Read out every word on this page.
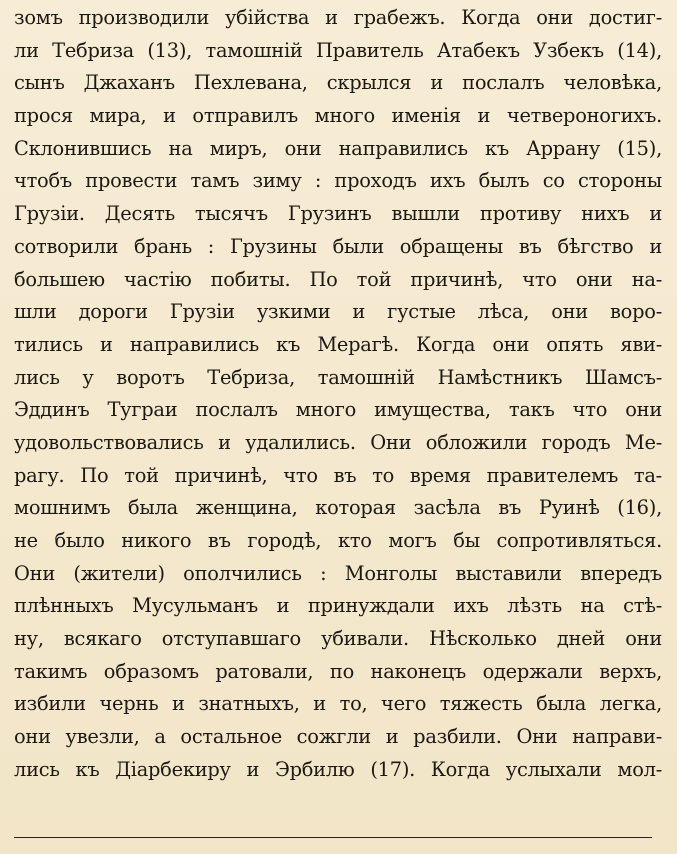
зомъ производили убiйства и грабежъ. Когда они достиг-
ли Тебриза (13), тамошнiй Правитель Атабекъ Узбекъ (14),
сынъ Джаханъ Пехлевана, скрылся и послалъ человѣка,
прося мира, и отправилъ много именiя и четвероногихъ.
Склонившись на миръ, они направились къ Аррану (15),
чтобъ провести тамъ зиму : проходъ ихъ былъ со стороны
Грузiи. Десять тысячъ Грузинъ вышли противу нихъ и
сотворили брань : Грузины были обращены въ бѣгство и
большею частiю побиты. По той причинѣ, что они на-
шли дороги Грузiи узкими и густые лѣса, они воро-
тились и направились къ Мерагѣ. Когда они опять яви-
лись у воротъ Тебриза, тамошнiй Намѣстникъ Шамсъ-
Эддинъ Туграи послалъ много имущества, такъ что они
удовольствовались и удалились. Они обложили городъ Ме-
рагу. По той причинѣ, что въ то время правителемъ та-
мошнимъ была женщина, которая засѣла въ Руинѣ (16),
не было никого въ городѣ, кто могъ бы сопротивляться.
Они (жители) ополчились : Монголы выставили впередъ
плѣнныхъ Мусульманъ и принуждали ихъ лѣзть на стѣ-
ну, всякаго отступавшаго убивали. Нѣсколько дней они
такимъ образомъ ратовали, по наконецъ одержали верхъ,
избили чернь и знатныхъ, и то, чего тяжесть была легка,
они увезли, а остальное сожгли и разбили. Они направи-
лись къ Дiарбекиру и Эрбилю (17). Когда услыхали мол-
